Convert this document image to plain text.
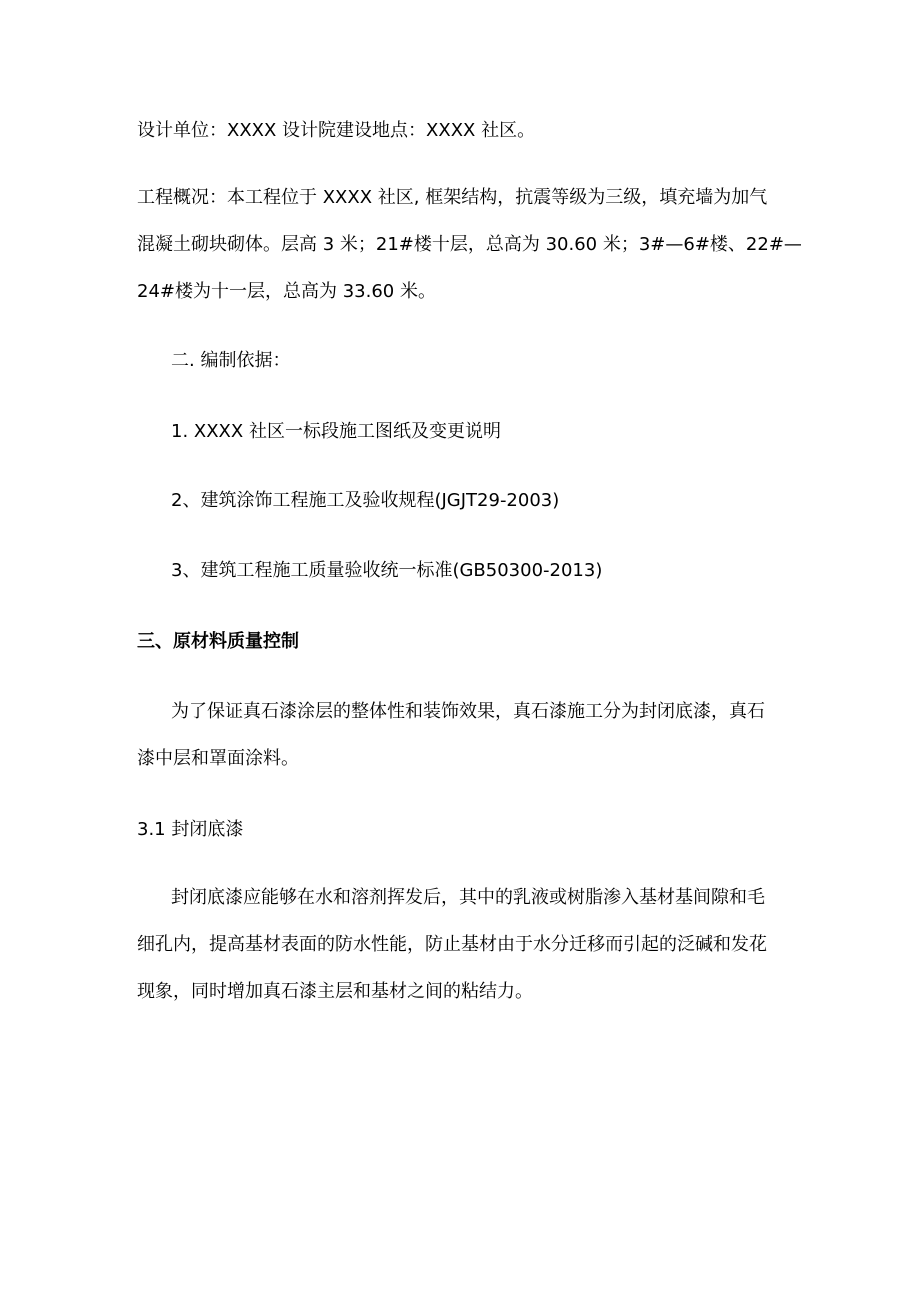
设计单位：XXXX 设计院建设地点：XXXX 社区。
工程概况：本工程位于 XXXX 社区, 框架结构，抗震等级为三级，填充墙为加气
混凝土砌块砌体。层高 3 米；21#楼十层，总高为 30.60 米；3#—6#楼、22#—
24#楼为十一层，总高为 33.60 米。
二. 编制依据：
1. XXXX 社区一标段施工图纸及变更说明
2、建筑涂饰工程施工及验收规程(JGJT29-2003)
3、建筑工程施工质量验收统一标准(GB50300-2013)
三、原材料质量控制
为了保证真石漆涂层的整体性和装饰效果，真石漆施工分为封闭底漆，真石
漆中层和罩面涂料。
3.1 封闭底漆
封闭底漆应能够在水和溶剂挥发后，其中的乳液或树脂渗入基材基间隙和毛
细孔内，提高基材表面的防水性能，防止基材由于水分迁移而引起的泛碱和发花
现象，同时增加真石漆主层和基材之间的粘结力。
